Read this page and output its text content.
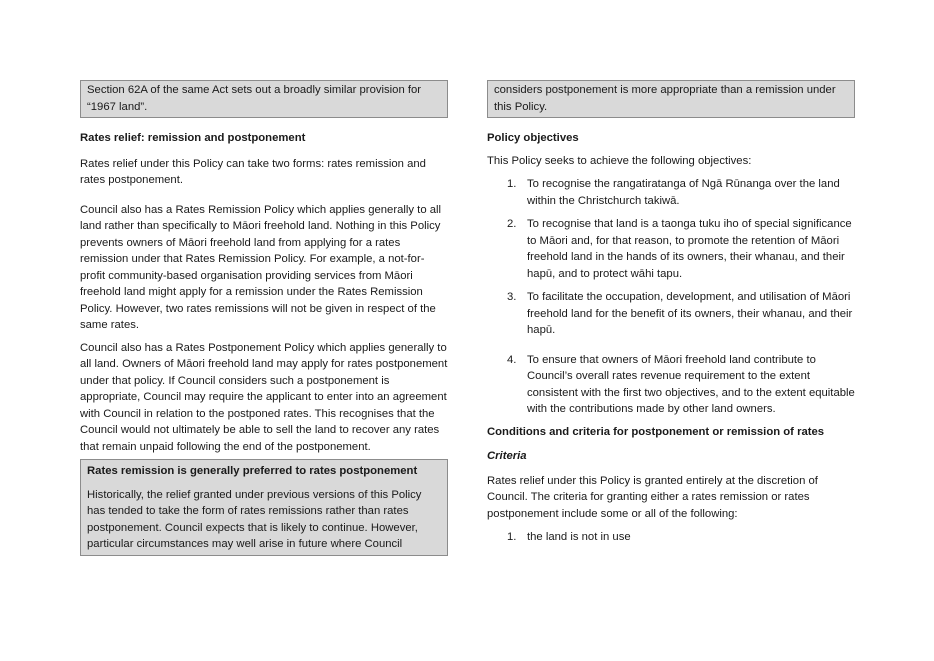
Section 62A of the same Act sets out a broadly similar provision for “1967 land”.

Rates relief: remission and postponement

Rates relief under this Policy can take two forms: rates remission and rates postponement.

Council also has a Rates Remission Policy which applies generally to all land rather than specifically to Māori freehold land. Nothing in this Policy prevents owners of Māori freehold land from applying for a rates remission under that Rates Remission Policy. For example, a not-for-profit community-based organisation providing services from Māori freehold land might apply for a remission under the Rates Remission Policy. However, two rates remissions will not be given in respect of the same rates.

Council also has a Rates Postponement Policy which applies generally to all land. Owners of Māori freehold land may apply for rates postponement under that policy. If Council considers such a postponement is appropriate, Council may require the applicant to enter into an agreement with Council in relation to the postponed rates. This recognises that the Council would not ultimately be able to sell the land to recover any rates that remain unpaid following the end of the postponement.

Rates remission is generally preferred to rates postponement

Historically, the relief granted under previous versions of this Policy has tended to take the form of rates remissions rather than rates postponement. Council expects that is likely to continue. However, particular circumstances may well arise in future where Council

considers postponement is more appropriate than a remission under this Policy.

Policy objectives

This Policy seeks to achieve the following objectives:

1. To recognise the rangatiratanga of Ngā Rūnanga over the land within the Christchurch takiwā.
2. To recognise that land is a taonga tuku iho of special significance to Māori and, for that reason, to promote the retention of Māori freehold land in the hands of its owners, their whanau, and their hapū, and to protect wāhi tapu.
3. To facilitate the occupation, development, and utilisation of Māori freehold land for the benefit of its owners, their whanau, and their hapū.
4. To ensure that owners of Māori freehold land contribute to Council’s overall rates revenue requirement to the extent consistent with the first two objectives, and to the extent equitable with the contributions made by other land owners.

Conditions and criteria for postponement or remission of rates

Criteria

Rates relief under this Policy is granted entirely at the discretion of Council. The criteria for granting either a rates remission or rates postponement include some or all of the following:

1. the land is not in use
